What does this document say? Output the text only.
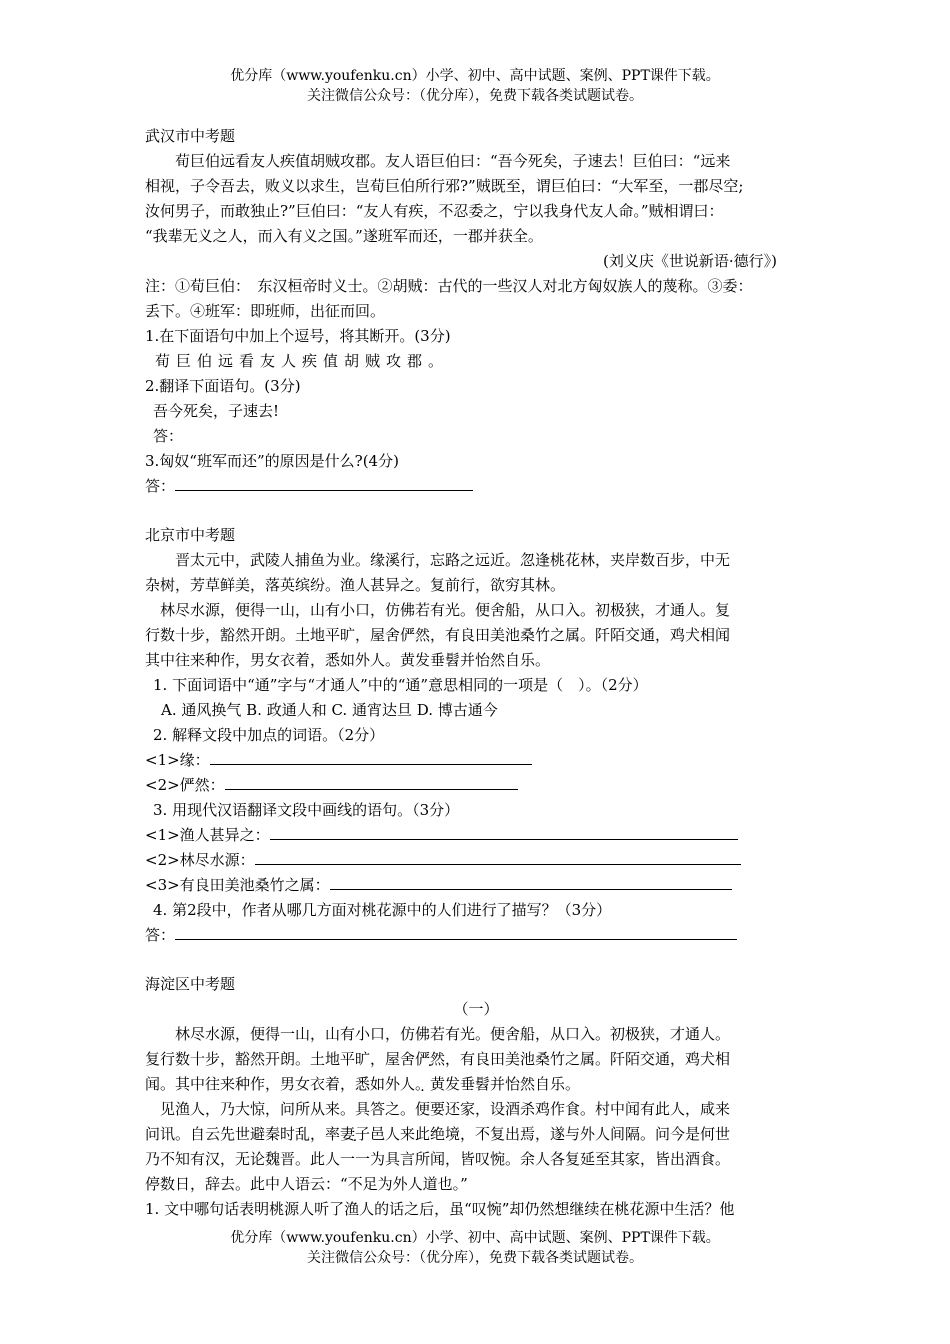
优分库（www.youfenku.cn）小学、初中、高中试题、案例、PPT课件下载。
关注微信公众号：（优分库），免费下载各类试题试卷。

武汉市中考题

荀巨伯远看友人疾值胡贼攻郡。友人语巨伯曰：“吾今死矣，子速去！巨伯曰：“远来

相视，子令吾去，败义以求生，岂荀巨伯所行邪?”贼既至，谓巨伯曰：“大军至，一郡尽空;

汝何男子，而敢独止?”巨伯曰：“友人有疾，不忍委之，宁以我身代友人命。”贼相谓曰：

“我辈无义之人，而入有义之国。”遂班军而还，一郡并获全。

(刘义庆《世说新语·德行》)

注：①荀巨伯：　东汉桓帝时义士。②胡贼：古代的一些汉人对北方匈奴族人的蔑称。③委：

丢下。④班军：即班师，出征而回。

1.在下面语句中加上个逗号，将其断开。(3分)

荀巨伯远看友人疾值胡贼攻郡。

2.翻译下面语句。(3分)

吾今死矣，子速去!

答：

3.匈奴“班军而还”的原因是什么?(4分)

答：

北京市中考题

晋太元中，武陵人捕鱼为业。缘溪行，忘路之远近。忽逢桃花林，夹岸数百步，中无

杂树，芳草鲜美，落英缤纷。渔人甚异之。复前行，欲穷其林。

林尽水源，便得一山，山有小口，仿佛若有光。便舍船，从口入。初极狭，才通人。复

行数十步，豁然开朗。土地平旷，屋舍俨然，有良田美池桑竹之属。阡陌交通，鸡犬相闻

其中往来种作，男女衣着，悉如外人。黄发垂髫并怡然自乐。

1. 下面词语中“通”字与“才通人”中的“通”意思相同的一项是（　）。（2分）

A. 通风换气 B. 政通人和 C. 通宵达旦 D. 博古通今

2. 解释文段中加点的词语。（2分）

<1>缘：

<2>俨然：

3. 用现代汉语翻译文段中画线的语句。（3分）

<1>渔人甚异之：

<2>林尽水源：

<3>有良田美池桑竹之属：

4. 第2段中，作者从哪几方面对桃花源中的人们进行了描写？（3分）

答：

海淀区中考题

（一）

林尽水源，便得一山，山有小口，仿佛若有光。便舍船，从口入。初极狭，才通人。

复行数十步，豁然开朗。土地平旷，屋舍俨然，有良田美池桑竹之属。阡陌交通，鸡犬相

闻。其中往来种作，男女衣着，悉如外人。 ·黄发垂髫并怡然自乐。

见渔人，乃大惊，问所从来。具答之。便要还家，设酒杀鸡作食。村中闻有此人，咸来

问讯。自云先世避秦时乱，率妻子邑人来此绝境，不复出焉，遂与外人间隔。问今是何世

乃不知有汉，无论魏晋。此人一一为具言所闻，皆叹惋。余人各复延至其家，皆出酒食。

停数日，辞去。此中人语云：“不足为外人道也。”

1. 文中哪句话表明桃源人听了渔人的话之后，虽“叹惋”却仍然想继续在桃花源中生活？他

优分库（www.youfenku.cn）小学、初中、高中试题、案例、PPT课件下载。
关注微信公众号：（优分库），免费下载各类试题试卷。
